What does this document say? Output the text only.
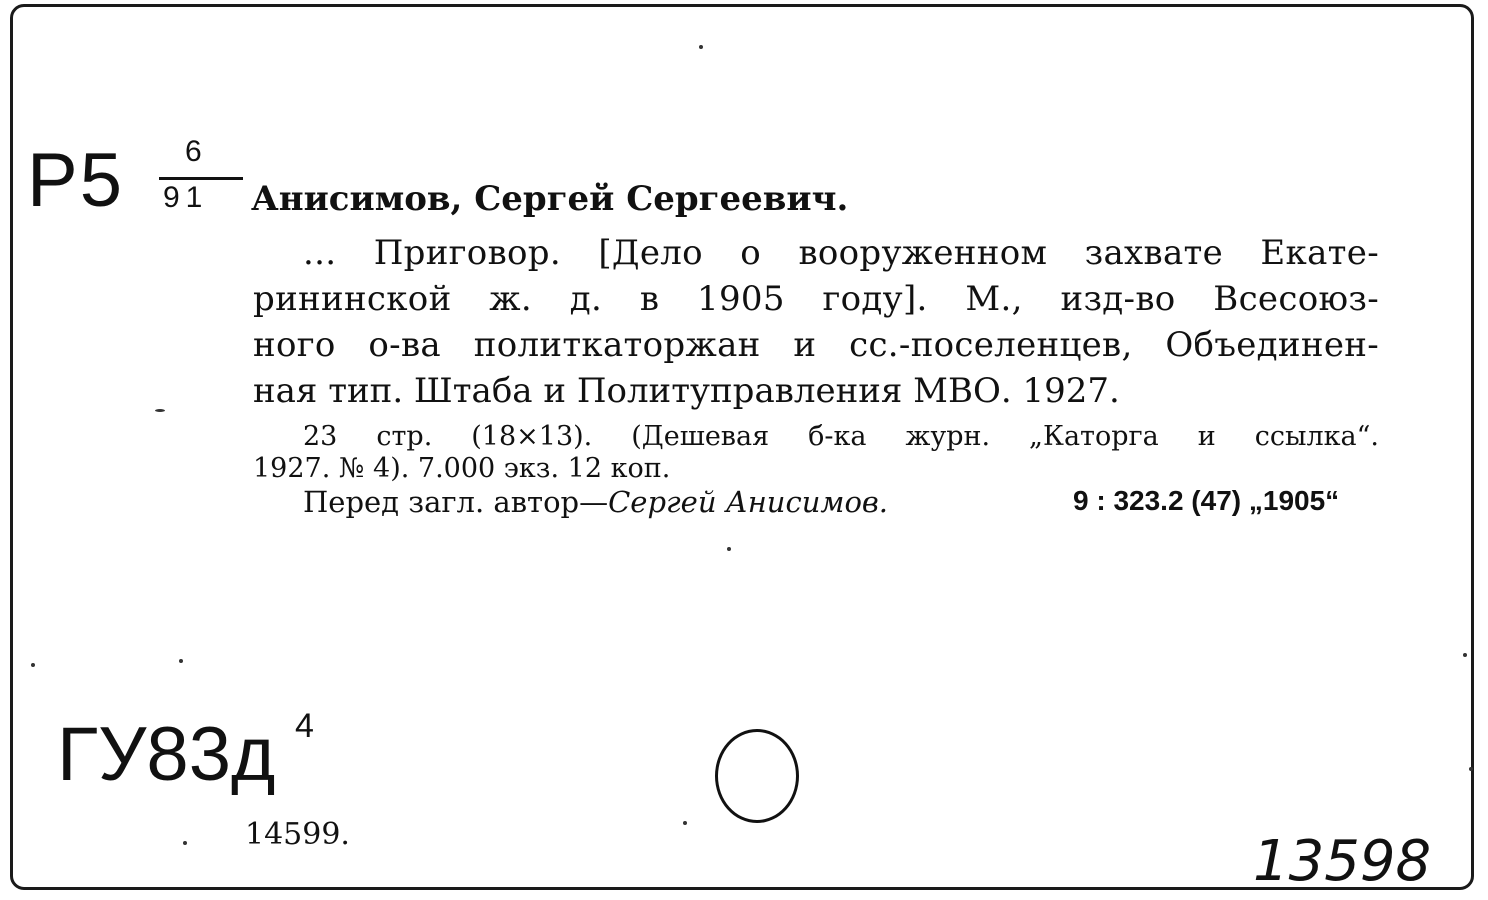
Р5 6
91 Анисимов, Сергей Сергеевич.
... Приговор. [Дело о вооруженном захвате Екате-
рининской ж. д. в 1905 году]. М., изд-во Всесоюз-
ного о-ва политкаторжан и сс.-поселенцев, Объединен-
ная тип. Штаба и Политуправления МВО. 1927.
23 стр. (18×13). (Дешевая б-ка журн. „Каторга и ссылка“.
1927. № 4). 7.000 экз. 12 коп.
Перед загл. автор—Сергей Анисимов.	9 : 323.2 (47) „1905“
ГУ83д 4
14599.	13598
